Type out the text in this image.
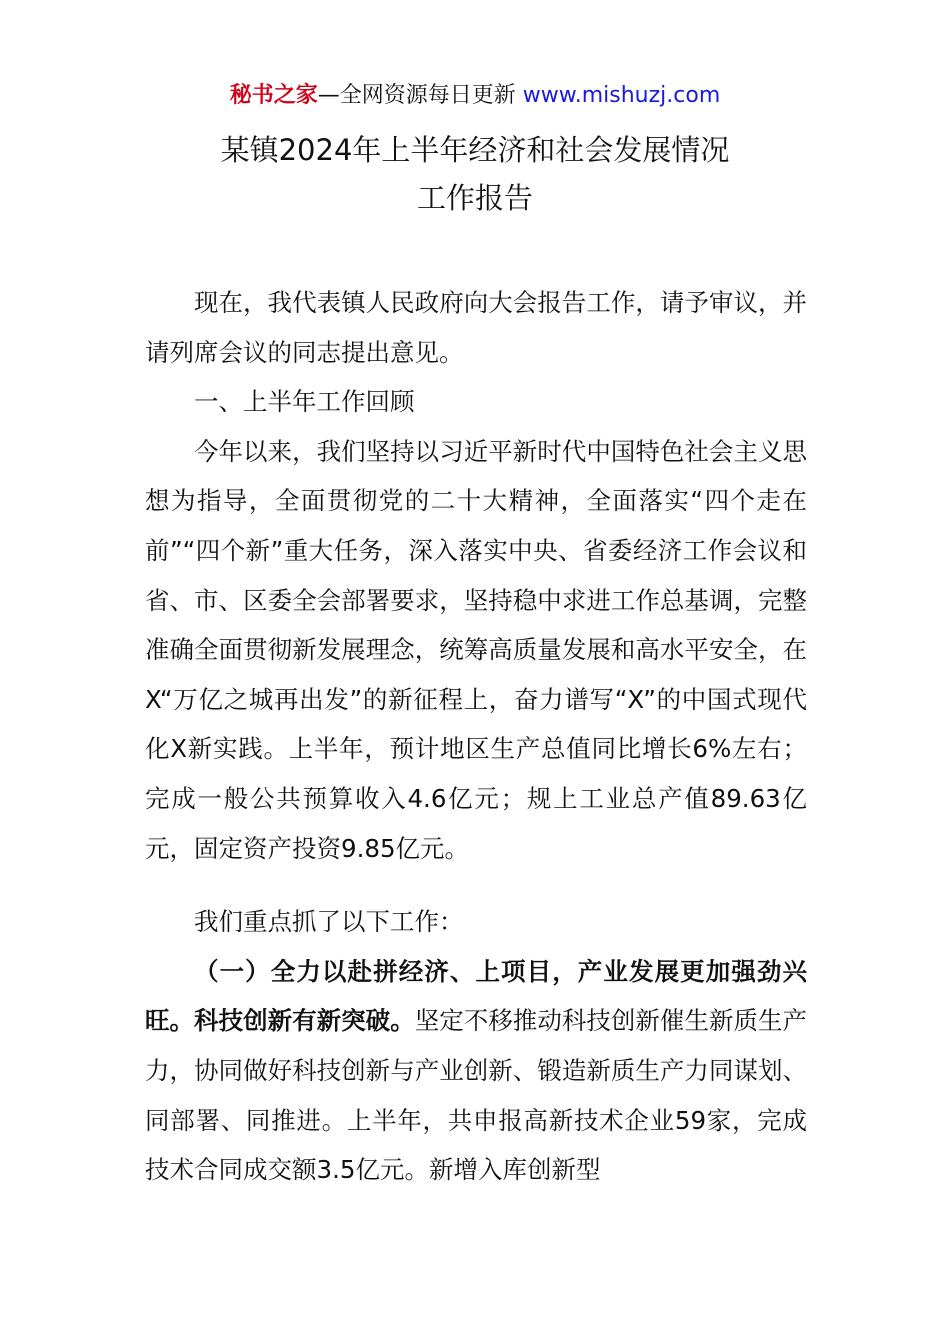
秘书之家—全网资源每日更新 www.mishuzj.com
某镇2024年上半年经济和社会发展情况
工作报告

现在，我代表镇人民政府向大会报告工作，请予审议，并请列席会议的同志提出意见。

一、上半年工作回顾

今年以来，我们坚持以习近平新时代中国特色社会主义思想为指导，全面贯彻党的二十大精神，全面落实“四个走在前”“四个新”重大任务，深入落实中央、省委经济工作会议和省、市、区委全会部署要求，坚持稳中求进工作总基调，完整准确全面贯彻新发展理念，统筹高质量发展和高水平安全，在X“万亿之城再出发”的新征程上，奋力谱写“X”的中国式现代化X新实践。上半年，预计地区生产总值同比增长6%左右；完成一般公共预算收入4.6亿元；规上工业总产值89.63亿元，固定资产投资9.85亿元。

我们重点抓了以下工作：

（一）全力以赴拼经济、上项目，产业发展更加强劲兴旺。科技创新有新突破。坚定不移推动科技创新催生新质生产力，协同做好科技创新与产业创新、锻造新质生产力同谋划、同部署、同推进。上半年，共申报高新技术企业59家，完成技术合同成交额3.5亿元。新增入库创新型
